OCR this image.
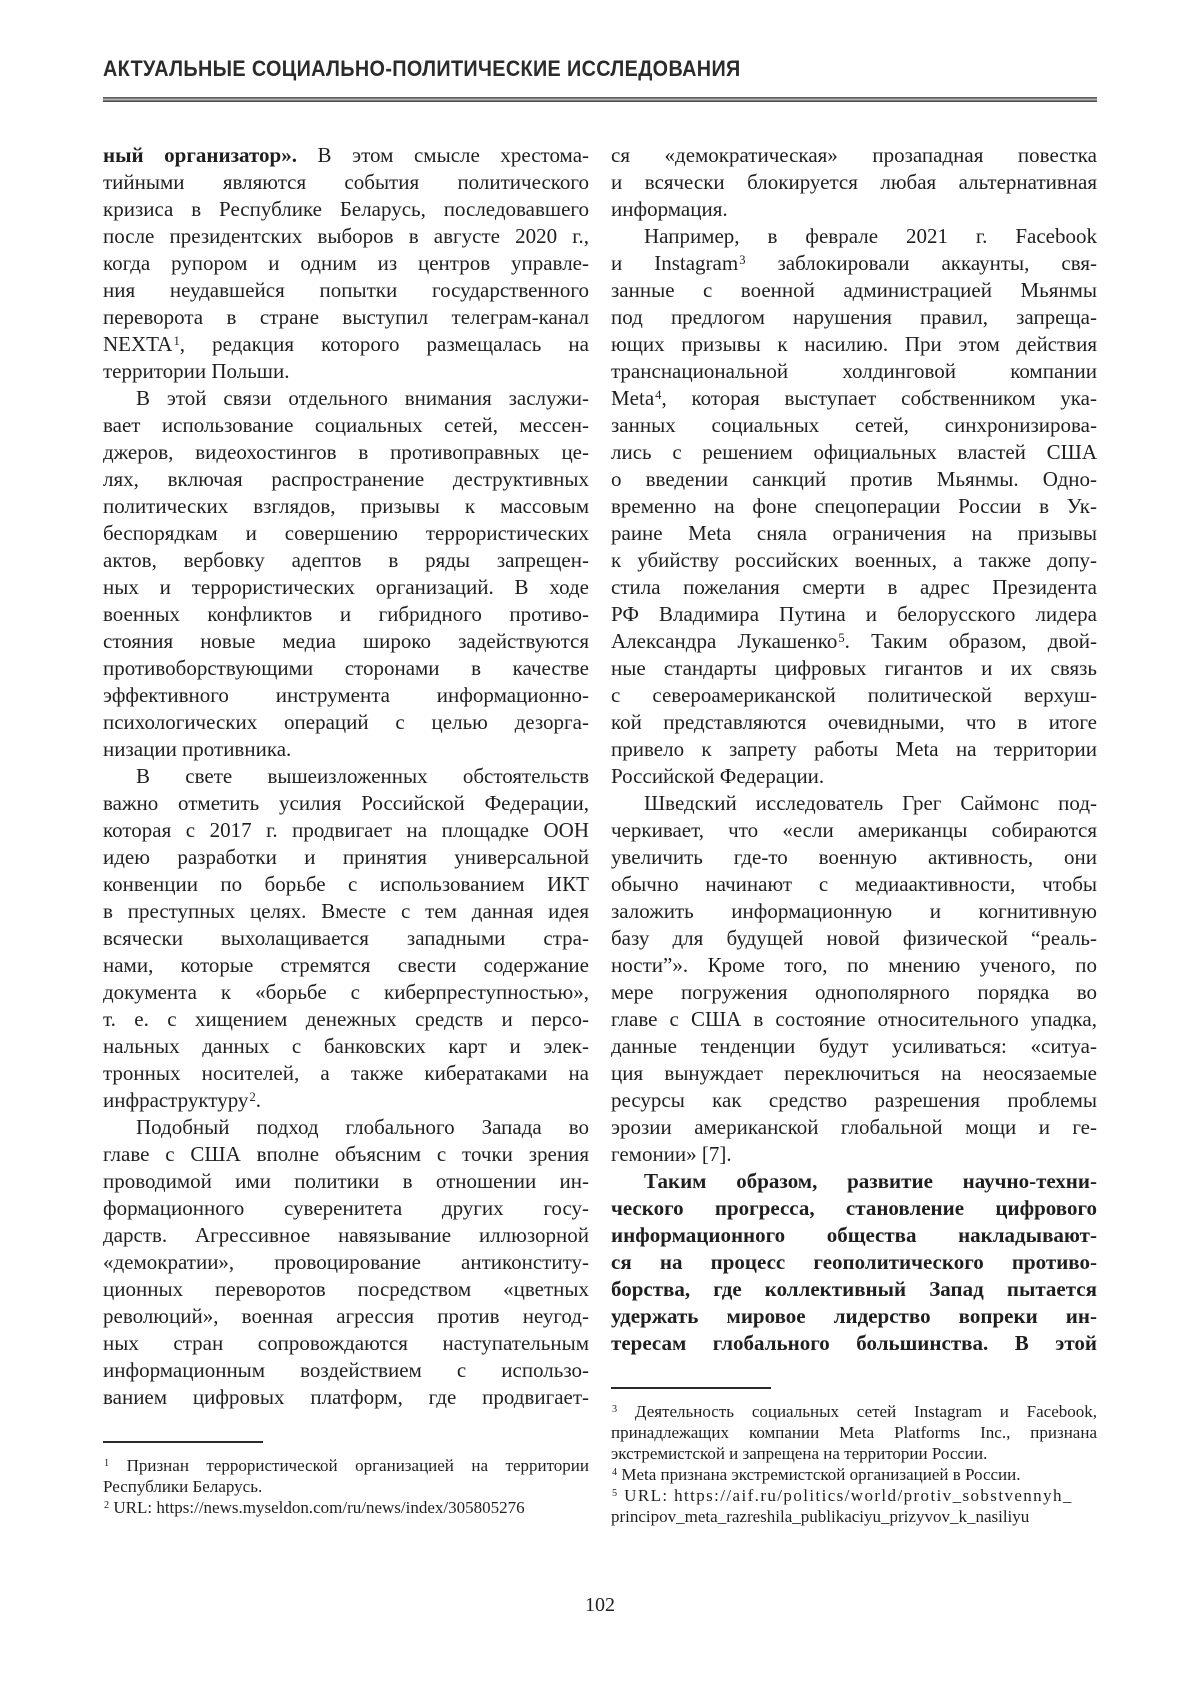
АКТУАЛЬНЫЕ СОЦИАЛЬНО-ПОЛИТИЧЕСКИЕ ИССЛЕДОВАНИЯ
ный организатор». В этом смысле хрестома-
тийными являются события политического
кризиса в Республике Беларусь, последовавшего
после президентских выборов в августе 2020 г.,
когда рупором и одним из центров управле-
ния неудавшейся попытки государственного
переворота в стране выступил телеграм-канал
NEXTA$^1$, редакция которого размещалась на
территории Польши.
В этой связи отдельного внимания заслужи-
вает использование социальных сетей, мессен-
джеров, видеохостингов в противоправных це-
лях, включая распространение деструктивных
политических взглядов, призывы к массовым
беспорядкам и совершению террористических
актов, вербовку адептов в ряды запрещен-
ных и террористических организаций. В ходе
военных конфликтов и гибридного противо-
стояния новые медиа широко задействуются
противоборствующими сторонами в качестве
эффективного инструмента информационно-
психологических операций с целью дезорга-
низации противника.
В свете вышеизложенных обстоятельств
важно отметить усилия Российской Федерации,
которая с 2017 г. продвигает на площадке ООН
идею разработки и принятия универсальной
конвенции по борьбе с использованием ИКТ
в преступных целях. Вместе с тем данная идея
всячески выхолащивается западными стра-
нами, которые стремятся свести содержание
документа к «борьбе с киберпреступностью»,
т. е. с хищением денежных средств и персо-
нальных данных с банковских карт и элек-
тронных носителей, а также кибератаками на
инфраструктуру$^2$.
Подобный подход глобального Запада во
главе с США вполне объясним с точки зрения
проводимой ими политики в отношении ин-
формационного суверенитета других госу-
дарств. Агрессивное навязывание иллюзорной
«демократии», провоцирование антиконститу-
ционных переворотов посредством «цветных
революций», военная агрессия против неугод-
ных стран сопровождаются наступательным
информационным воздействием с использо-
ванием цифровых платформ, где продвигает-
$^1$ Признан террористической организацией на территории
Республики Беларусь.
$^2$ URL: https://news.myseldon.com/ru/news/index/305805276
ся «демократическая» прозападная повестка
и всячески блокируется любая альтернативная
информация.
Например, в феврале 2021 г. Facebook
и Instagram$^3$ заблокировали аккаунты, свя-
занные с военной администрацией Мьянмы
под предлогом нарушения правил, запреща-
ющих призывы к насилию. При этом действия
транснациональной холдинговой компании
Meta$^4$, которая выступает собственником ука-
занных социальных сетей, синхронизирова-
лись с решением официальных властей США
о введении санкций против Мьянмы. Одно-
временно на фоне спецоперации России в Ук-
раине Meta сняла ограничения на призывы
к убийству российских военных, а также допу-
стила пожелания смерти в адрес Президента
РФ Владимира Путина и белорусского лидера
Александра Лукашенко$^5$. Таким образом, двой-
ные стандарты цифровых гигантов и их связь
с североамериканской политической верхуш-
кой представляются очевидными, что в итоге
привело к запрету работы Meta на территории
Российской Федерации.
Шведский исследователь Грег Саймонс под-
черкивает, что «если американцы собираются
увеличить где-то военную активность, они
обычно начинают с медиаактивности, чтобы
заложить информационную и когнитивную
базу для будущей новой физической “реаль-
ности”». Кроме того, по мнению ученого, по
мере погружения однополярного порядка во
главе с США в состояние относительного упадка,
данные тенденции будут усиливаться: «ситуа-
ция вынуждает переключиться на неосязаемые
ресурсы как средство разрешения проблемы
эрозии американской глобальной мощи и ге-
гемонии» [7].
Таким образом, развитие научно-техни-
ческого прогресса, становление цифрового
информационного общества накладывают-
ся на процесс геополитического противо-
борства, где коллективный Запад пытается
удержать мировое лидерство вопреки ин-
тересам глобального большинства. В этой
$^3$ Деятельность социальных сетей Instagram и Facebook,
принадлежащих компании Meta Platforms Inc., признана
экстремистской и запрещена на территории России.
$^4$ Meta признана экстремистской организацией в России.
$^5$ URL: https://aif.ru/politics/world/protiv_sobstvennyh_
principov_meta_razreshila_publikaciyu_prizyvov_k_nasiliyu
102
